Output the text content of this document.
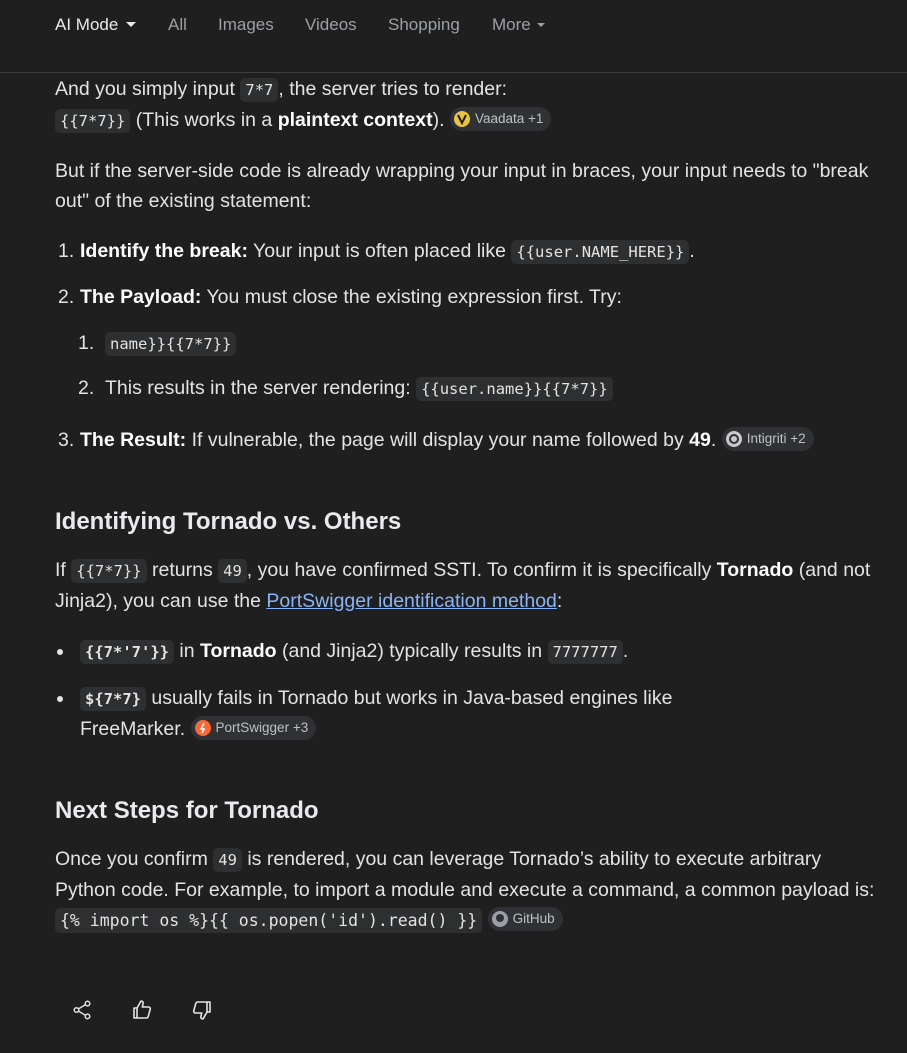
AI Mode	All Images Videos Shopping More

And you simply input 7*7 , the server tries to render:
{{7*7}} (This works in a plaintext context). Vaadata +1

But if the server-side code is already wrapping your input in braces, your input needs to "break out" of the existing statement:

1. Identify the break: Your input is often placed like {{user.NAME_HERE}} .
2. The Payload: You must close the existing expression first. Try:
1. name}}{{7*7}}
2. This results in the server rendering: {{user.name}}{{7*7}}
3. The Result: If vulnerable, the page will display your name followed by 49. Intigriti +2
Identifying Tornado vs. Others

If {{7*7}} returns 49 , you have confirmed SSTI. To confirm it is specifically Tornado (and not Jinja2), you can use the PortSwigger identification method:

{{7*'7'}} in Tornado (and Jinja2) typically results in 7777777 .
${7*7} usually fails in Tornado but works in Java-based engines like FreeMarker. PortSwigger +3
Next Steps for Tornado

Once you confirm 49 is rendered, you can leverage Tornado’s ability to execute arbitrary Python code. For example, to import a module and execute a command, a common payload is:
{% import os %}{{ os.popen('id').read() }}	GitHub
